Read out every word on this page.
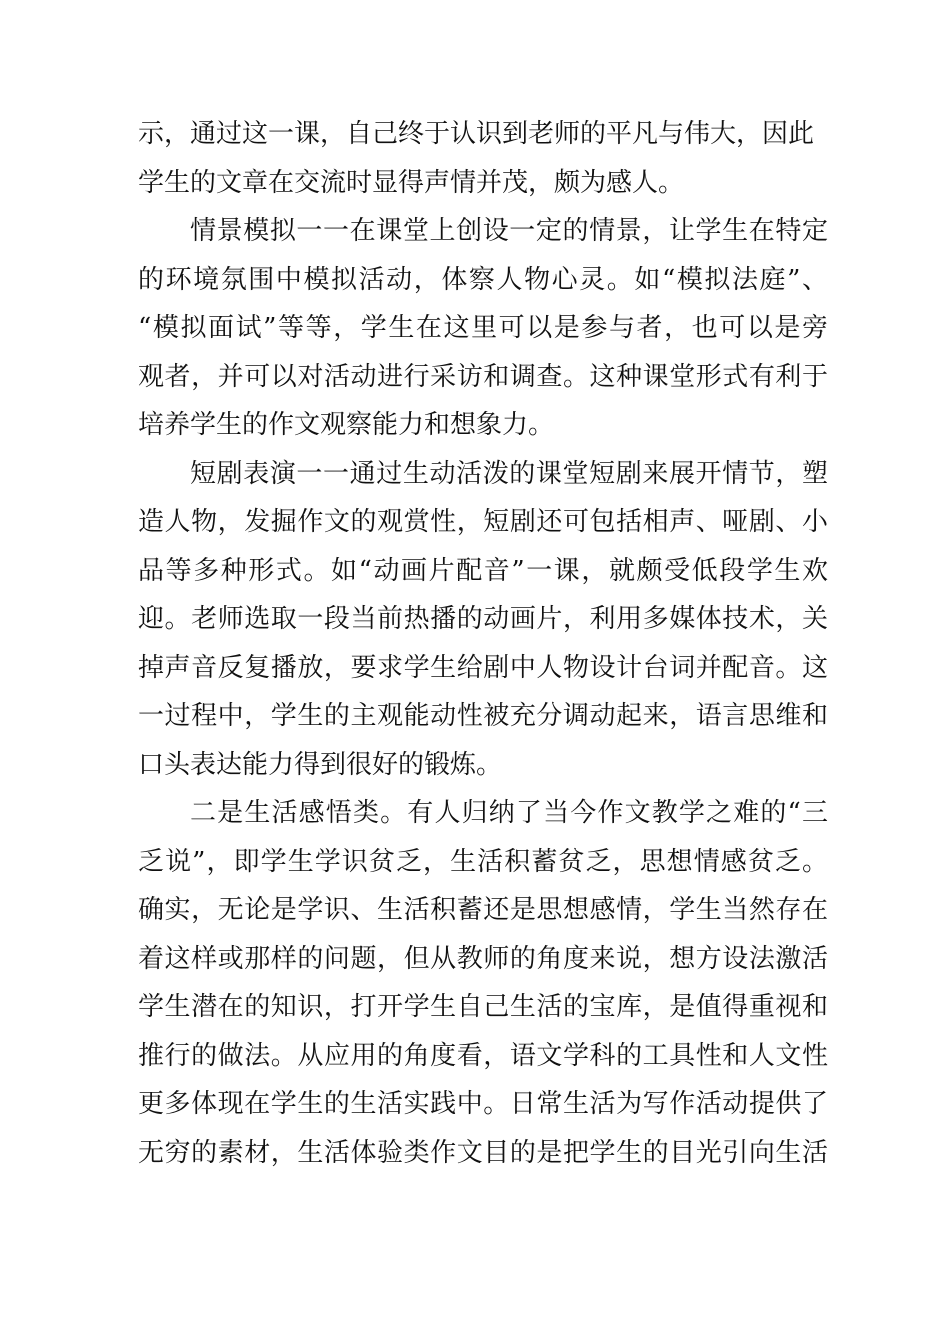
示，通过这一课，自己终于认识到老师的平凡与伟大，因此
学生的文章在交流时显得声情并茂，颇为感人。
情景模拟一一在课堂上创设一定的情景，让学生在特定
的环境氛围中模拟活动，体察人物心灵。如“模拟法庭”、
“模拟面试”等等，学生在这里可以是参与者，也可以是旁
观者，并可以对活动进行采访和调查。这种课堂形式有利于
培养学生的作文观察能力和想象力。
短剧表演一一通过生动活泼的课堂短剧来展开情节，塑
造人物，发掘作文的观赏性，短剧还可包括相声、哑剧、小
品等多种形式。如“动画片配音”一课，就颇受低段学生欢
迎。老师选取一段当前热播的动画片，利用多媒体技术，关
掉声音反复播放，要求学生给剧中人物设计台词并配音。这
一过程中，学生的主观能动性被充分调动起来，语言思维和
口头表达能力得到很好的锻炼。
二是生活感悟类。有人归纳了当今作文教学之难的“三
乏说”，即学生学识贫乏，生活积蓄贫乏，思想情感贫乏。
确实，无论是学识、生活积蓄还是思想感情，学生当然存在
着这样或那样的问题，但从教师的角度来说，想方设法激活
学生潜在的知识，打开学生自己生活的宝库，是值得重视和
推行的做法。从应用的角度看，语文学科的工具性和人文性
更多体现在学生的生活实践中。日常生活为写作活动提供了
无穷的素材，生活体验类作文目的是把学生的目光引向生活
